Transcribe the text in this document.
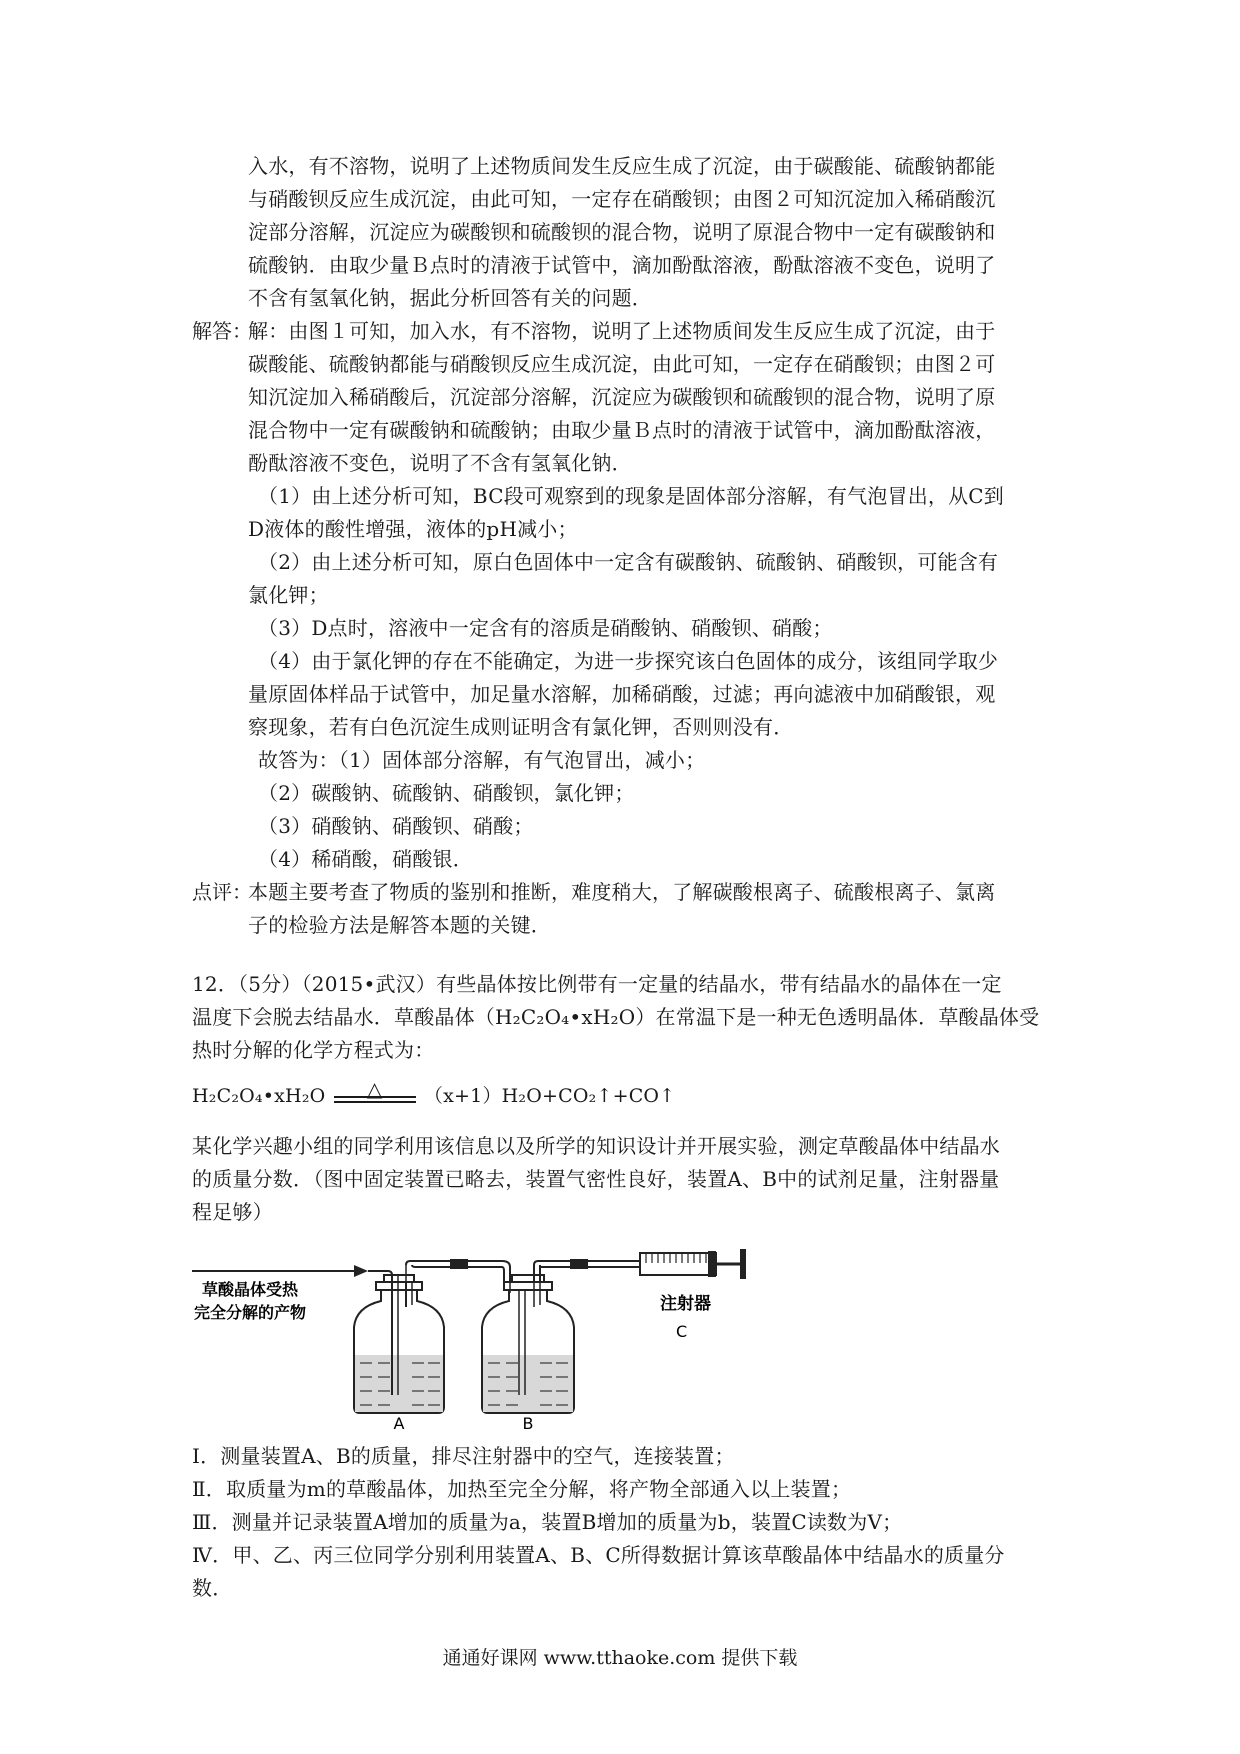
入水，有不溶物，说明了上述物质间发生反应生成了沉淀，由于碳酸能、硫酸钠都能
与硝酸钡反应生成沉淀，由此可知，一定存在硝酸钡；由图２可知沉淀加入稀硝酸沉
淀部分溶解，沉淀应为碳酸钡和硫酸钡的混合物，说明了原混合物中一定有碳酸钠和
硫酸钠．由取少量Ｂ点时的清液于试管中，滴加酚酞溶液，酚酞溶液不变色，说明了
不含有氢氧化钠，据此分析回答有关的问题．
解答：
解：由图１可知，加入水，有不溶物，说明了上述物质间发生反应生成了沉淀，由于
碳酸能、硫酸钠都能与硝酸钡反应生成沉淀，由此可知，一定存在硝酸钡；由图２可
知沉淀加入稀硝酸后，沉淀部分溶解，沉淀应为碳酸钡和硫酸钡的混合物，说明了原
混合物中一定有碳酸钠和硫酸钠；由取少量Ｂ点时的清液于试管中，滴加酚酞溶液，
酚酞溶液不变色，说明了不含有氢氧化钠．
（1）由上述分析可知，BC段可观察到的现象是固体部分溶解，有气泡冒出，从C到
D液体的酸性增强，液体的pH减小；
（2）由上述分析可知，原白色固体中一定含有碳酸钠、硫酸钠、硝酸钡，可能含有
氯化钾；
（3）D点时，溶液中一定含有的溶质是硝酸钠、硝酸钡、硝酸；
（4）由于氯化钾的存在不能确定，为进一步探究该白色固体的成分，该组同学取少
量原固体样品于试管中，加足量水溶解，加稀硝酸，过滤；再向滤液中加硝酸银，观
察现象，若有白色沉淀生成则证明含有氯化钾，否则则没有．
故答为：（1）固体部分溶解，有气泡冒出，减小；
（2）碳酸钠、硫酸钠、硝酸钡，氯化钾；
（3）硝酸钠、硝酸钡、硝酸；
（4）稀硝酸，硝酸银．
点评：
本题主要考查了物质的鉴别和推断，难度稍大，了解碳酸根离子、硫酸根离子、氯离
子的检验方法是解答本题的关键．
12．（5分）（2015•武汉）有些晶体按比例带有一定量的结晶水，带有结晶水的晶体在一定
温度下会脱去结晶水．草酸晶体（H₂C₂O₄•xH₂O）在常温下是一种无色透明晶体．草酸晶体受
热时分解的化学方程式为：
H₂C₂O₄•xH₂O	△	（x+1）H₂O+CO₂↑+CO↑
某化学兴趣小组的同学利用该信息以及所学的知识设计并开展实验，测定草酸晶体中结晶水
的质量分数．（图中固定装置已略去，装置气密性良好，装置A、B中的试剂足量，注射器量
程足够）
草酸晶体受热
完全分解的产物	注射器
C
A	B
Ⅰ．测量装置A、B的质量，排尽注射器中的空气，连接装置；
Ⅱ．取质量为m的草酸晶体，加热至完全分解，将产物全部通入以上装置；
Ⅲ．测量并记录装置A增加的质量为a，装置B增加的质量为b，装置C读数为V；
Ⅳ．甲、乙、丙三位同学分别利用装置A、B、C所得数据计算该草酸晶体中结晶水的质量分
数．
通通好课网 www.tthaoke.com 提供下载
